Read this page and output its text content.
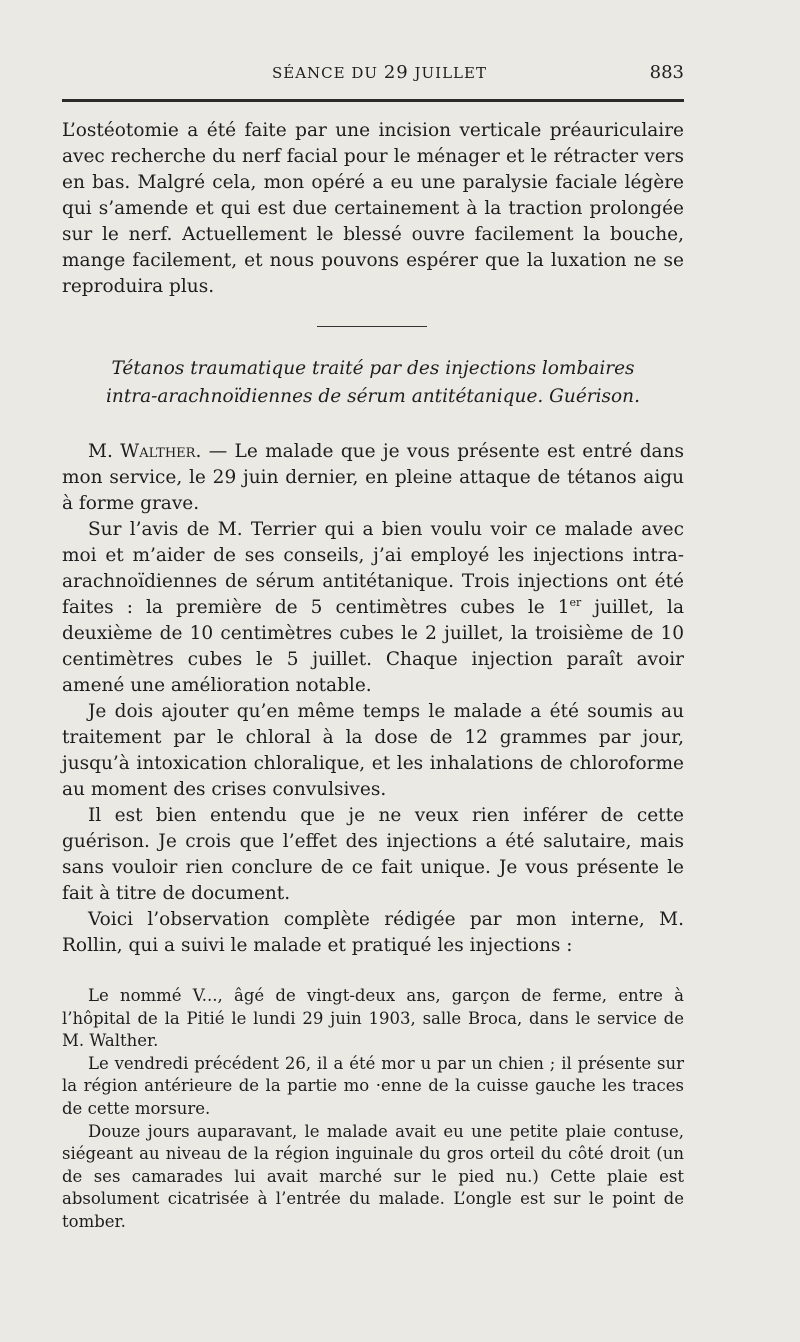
SÉANCE DU 29 JUILLET	883

L’ostéotomie a été faite par une incision verticale préauriculaire avec recherche du nerf facial pour le ménager et le rétracter vers en bas. Malgré cela, mon opéré a eu une paralysie faciale légère qui s’amende et qui est due certainement à la traction prolongée sur le nerf. Actuellement le blessé ouvre facilement la bouche, mange facilement, et nous pouvons espérer que la luxation ne se reproduira plus.

Tétanos traumatique traité par des injections lombaires
intra-arachnoïdiennes de sérum antitétanique. Guérison.

M. Walther. — Le malade que je vous présente est entré dans mon service, le 29 juin dernier, en pleine attaque de tétanos aigu à forme grave.

Sur l’avis de M. Terrier qui a bien voulu voir ce malade avec moi et m’aider de ses conseils, j’ai employé les injections intra-arachnoïdiennes de sérum antitétanique. Trois injections ont été faites : la première de 5 centimètres cubes le 1er juillet, la deuxième de 10 centimètres cubes le 2 juillet, la troisième de 10 centimètres cubes le 5 juillet. Chaque injection paraît avoir amené une amélioration notable.

Je dois ajouter qu’en même temps le malade a été soumis au traitement par le chloral à la dose de 12 grammes par jour, jusqu’à intoxication chloralique, et les inhalations de chloroforme au moment des crises convulsives.

Il est bien entendu que je ne veux rien inférer de cette guérison. Je crois que l’effet des injections a été salutaire, mais sans vouloir rien conclure de ce fait unique. Je vous présente le fait à titre de document.

Voici l’observation complète rédigée par mon interne, M. Rollin, qui a suivi le malade et pratiqué les injections :

Le nommé V..., âgé de vingt-deux ans, garçon de ferme, entre à l’hôpital de la Pitié le lundi 29 juin 1903, salle Broca, dans le service de M. Walther.

Le vendredi précédent 26, il a été mor u par un chien ; il présente sur la région antérieure de la partie mo ·enne de la cuisse gauche les traces de cette morsure.

Douze jours auparavant, le malade avait eu une petite plaie contuse, siégeant au niveau de la région inguinale du gros orteil du côté droit (un de ses camarades lui avait marché sur le pied nu.) Cette plaie est absolument cicatrisée à l’entrée du malade. L’ongle est sur le point de tomber.
